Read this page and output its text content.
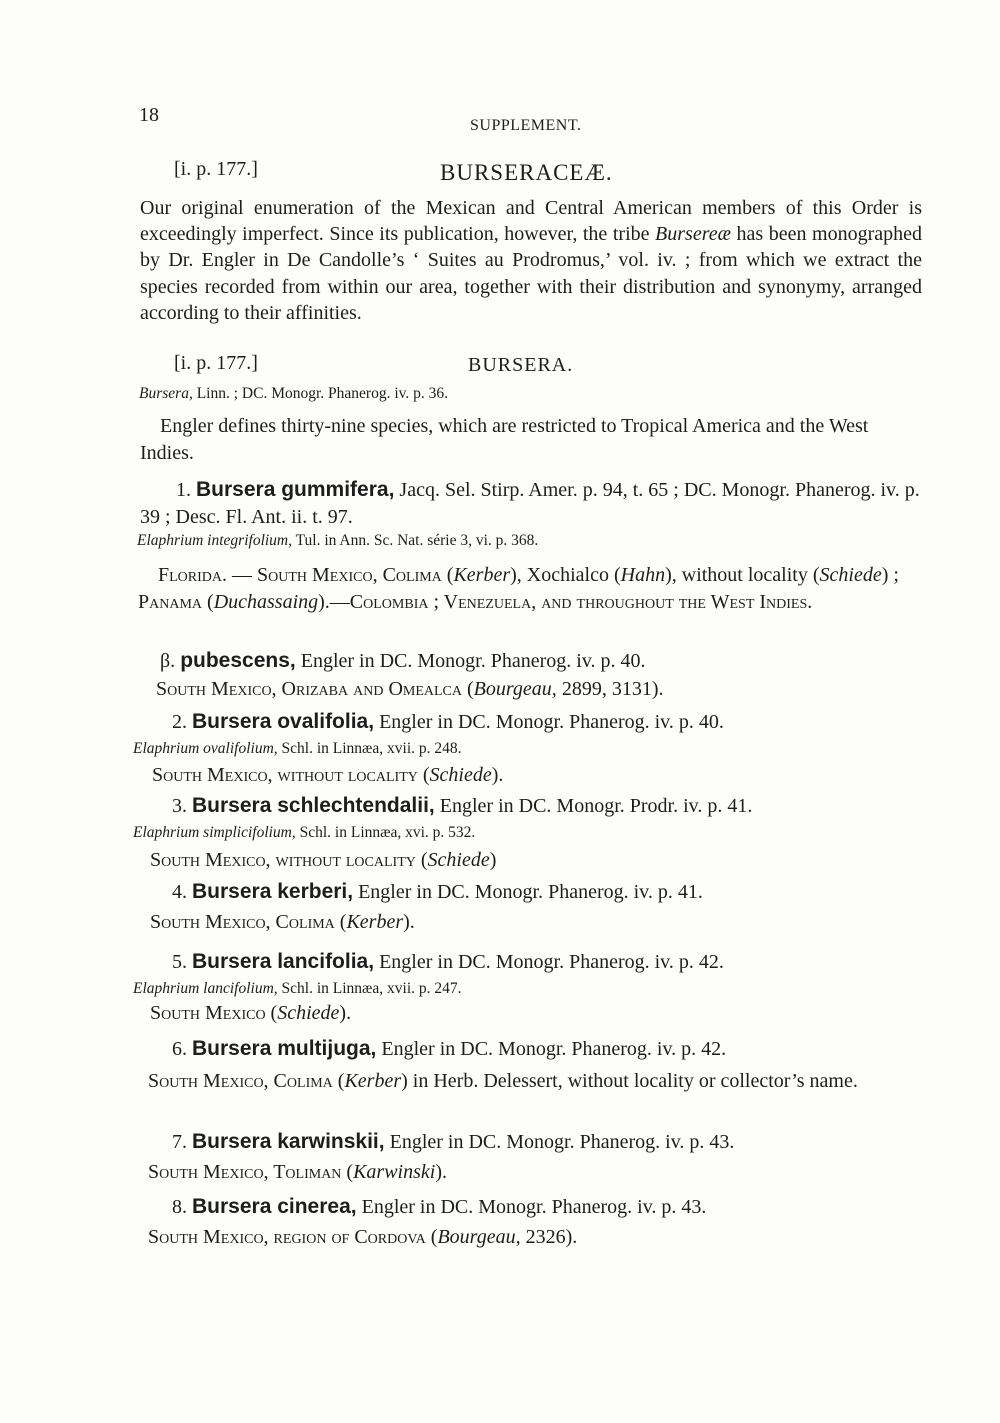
18	SUPPLEMENT.
[i. p. 177.]	BURSERACEÆ.
Our original enumeration of the Mexican and Central American members of this Order is exceedingly imperfect. Since its publication, however, the tribe Bursereæ has been monographed by Dr. Engler in De Candolle’s ‘ Suites au Prodromus,’ vol. iv. ; from which we extract the species recorded from within our area, together with their distribution and synonymy, arranged according to their affinities.
[i. p. 177.]	BURSERA.
Bursera, Linn. ; DC. Monogr. Phanerog. iv. p. 36.
Engler defines thirty-nine species, which are restricted to Tropical America and the West Indies.
1. Bursera gummifera, Jacq. Sel. Stirp. Amer. p. 94, t. 65 ; DC. Monogr. Phanerog. iv. p. 39 ; Desc. Fl. Ant. ii. t. 97.
Elaphrium integrifolium, Tul. in Ann. Sc. Nat. série 3, vi. p. 368.
Florida. — South Mexico, Colima (Kerber), Xochialco (Hahn), without locality (Schiede) ; Panama (Duchassaing).—Colombia ; Venezuela, and throughout the West Indies.
β. pubescens, Engler in DC. Monogr. Phanerog. iv. p. 40.
South Mexico, Orizaba and Omealca (Bourgeau, 2899, 3131).
2. Bursera ovalifolia, Engler in DC. Monogr. Phanerog. iv. p. 40.
Elaphrium ovalifolium, Schl. in Linnæa, xvii. p. 248.
South Mexico, without locality (Schiede).
3. Bursera schlechtendalii, Engler in DC. Monogr. Prodr. iv. p. 41.
Elaphrium simplicifolium, Schl. in Linnæa, xvi. p. 532.
South Mexico, without locality (Schiede)
4. Bursera kerberi, Engler in DC. Monogr. Phanerog. iv. p. 41.
South Mexico, Colima (Kerber).
5. Bursera lancifolia, Engler in DC. Monogr. Phanerog. iv. p. 42.
Elaphrium lancifolium, Schl. in Linnæa, xvii. p. 247.
South Mexico (Schiede).
6. Bursera multijuga, Engler in DC. Monogr. Phanerog. iv. p. 42.
South Mexico, Colima (Kerber) in Herb. Delessert, without locality or collector’s name.
7. Bursera karwinskii, Engler in DC. Monogr. Phanerog. iv. p. 43.
South Mexico, Toliman (Karwinski).
8. Bursera cinerea, Engler in DC. Monogr. Phanerog. iv. p. 43.
South Mexico, region of Cordova (Bourgeau, 2326).
